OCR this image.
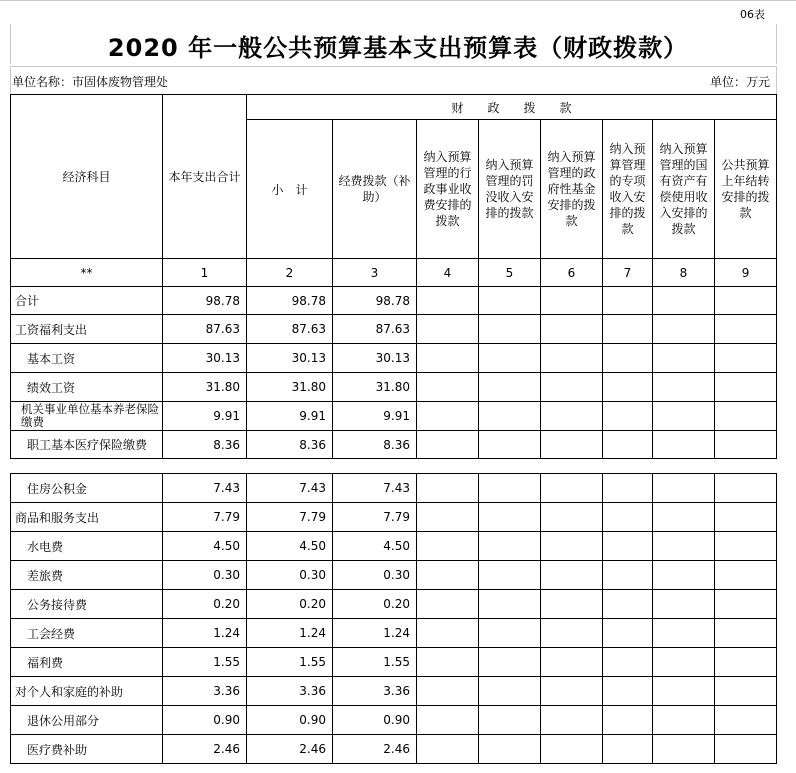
06表
2020 年一般公共预算基本支出预算表（财政拨款）
单位名称：市固体废物管理处	单位：万元
经济科目	本年支出合计	财　　政　　拨　　款							
		小　计	经费拨款（补助）	纳入预算管理的行政事业收费安排的拨款	纳入预算管理的罚没收入安排的拨款	纳入预算管理的政府性基金安排的拨款	纳入预算管理的专项收入安排的拨款	纳入预算管理的国有资产有偿使用收入安排的拨款	公共预算上年结转安排的拨款
**	1	2	3	4	5	6	7	8	9
合计	98.78	98.78	98.78						
工资福利支出	87.63	87.63	87.63						
基本工资	30.13	30.13	30.13						
绩效工资	31.80	31.80	31.80						
机关事业单位基本养老保险缴费	9.91	9.91	9.91						
职工基本医疗保险缴费	8.36	8.36	8.36						
住房公积金	7.43	7.43	7.43						
商品和服务支出	7.79	7.79	7.79						
水电费	4.50	4.50	4.50						
差旅费	0.30	0.30	0.30						
公务接待费	0.20	0.20	0.20						
工会经费	1.24	1.24	1.24						
福利费	1.55	1.55	1.55						
对个人和家庭的补助	3.36	3.36	3.36						
退休公用部分	0.90	0.90	0.90						
医疗费补助	2.46	2.46	2.46						
